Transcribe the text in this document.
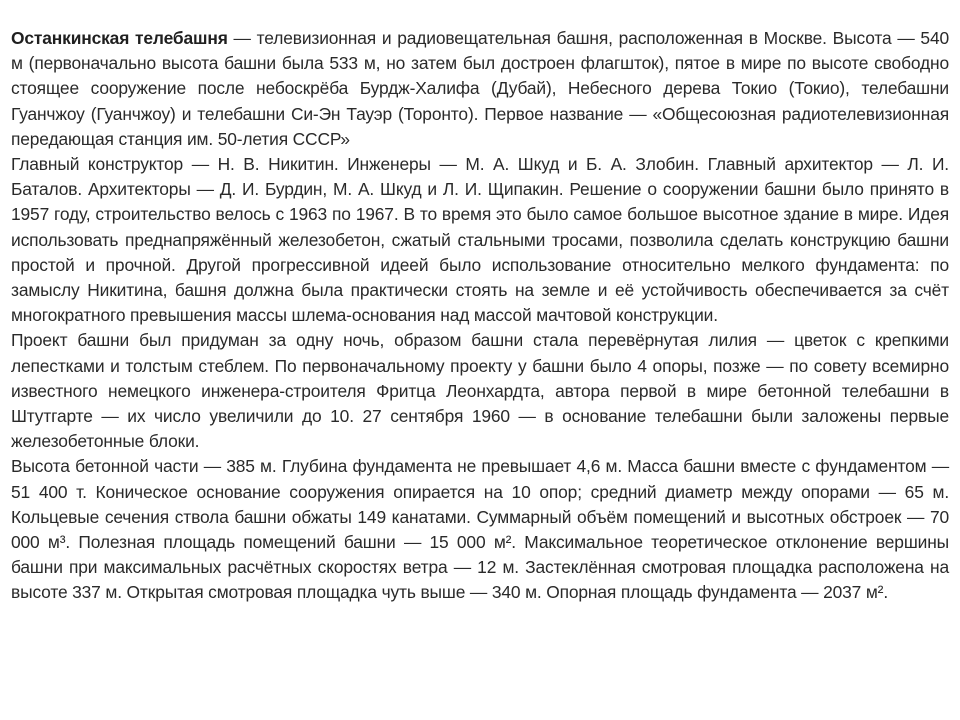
Останкинская телебашня — телевизионная и радиовещательная башня, расположенная в Москве. Высота — 540 м (первоначально высота башни была 533 м, но затем был достроен флагшток), пятое в мире по высоте свободно стоящее сооружение после небоскрёба Бурдж-Халифа (Дубай), Небесного дерева Токио (Токио), телебашни Гуанчжоу (Гуанчжоу) и телебашни Си-Эн Тауэр (Торонто). Первое название — «Общесоюзная радиотелевизионная передающая станция им. 50-летия СССР»

Главный конструктор — Н. В. Никитин. Инженеры — М. А. Шкуд и Б. А. Злобин. Главный архитектор — Л. И. Баталов. Архитекторы — Д. И. Бурдин, М. А. Шкуд и Л. И. Щипакин. Решение о сооружении башни было принято в 1957 году, строительство велось с 1963 по 1967. В то время это было самое большое высотное здание в мире. Идея использовать преднапряжённый железобетон, сжатый стальными тросами, позволила сделать конструкцию башни простой и прочной. Другой прогрессивной идеей было использование относительно мелкого фундамента: по замыслу Никитина, башня должна была практически стоять на земле и её устойчивость обеспечивается за счёт многократного превышения массы шлема-основания над массой мачтовой конструкции.

Проект башни был придуман за одну ночь, образом башни стала перевёрнутая лилия — цветок с крепкими лепестками и толстым стеблем. По первоначальному проекту у башни было 4 опоры, позже — по совету всемирно известного немецкого инженера-строителя Фритца Леонхардта, автора первой в мире бетонной телебашни в Штутгарте — их число увеличили до 10. 27 сентября 1960 — в основание телебашни были заложены первые железобетонные блоки.

Высота бетонной части — 385 м. Глубина фундамента не превышает 4,6 м. Масса башни вместе с фундаментом — 51 400 т. Коническое основание сооружения опирается на 10 опор; средний диаметр между опорами — 65 м. Кольцевые сечения ствола башни обжаты 149 канатами. Суммарный объём помещений и высотных обстроек — 70 000 м³. Полезная площадь помещений башни — 15 000 м². Максимальное теоретическое отклонение вершины башни при максимальных расчётных скоростях ветра — 12 м. Застеклённая смотровая площадка расположена на высоте 337 м. Открытая смотровая площадка чуть выше — 340 м. Опорная площадь фундамента — 2037 м².
